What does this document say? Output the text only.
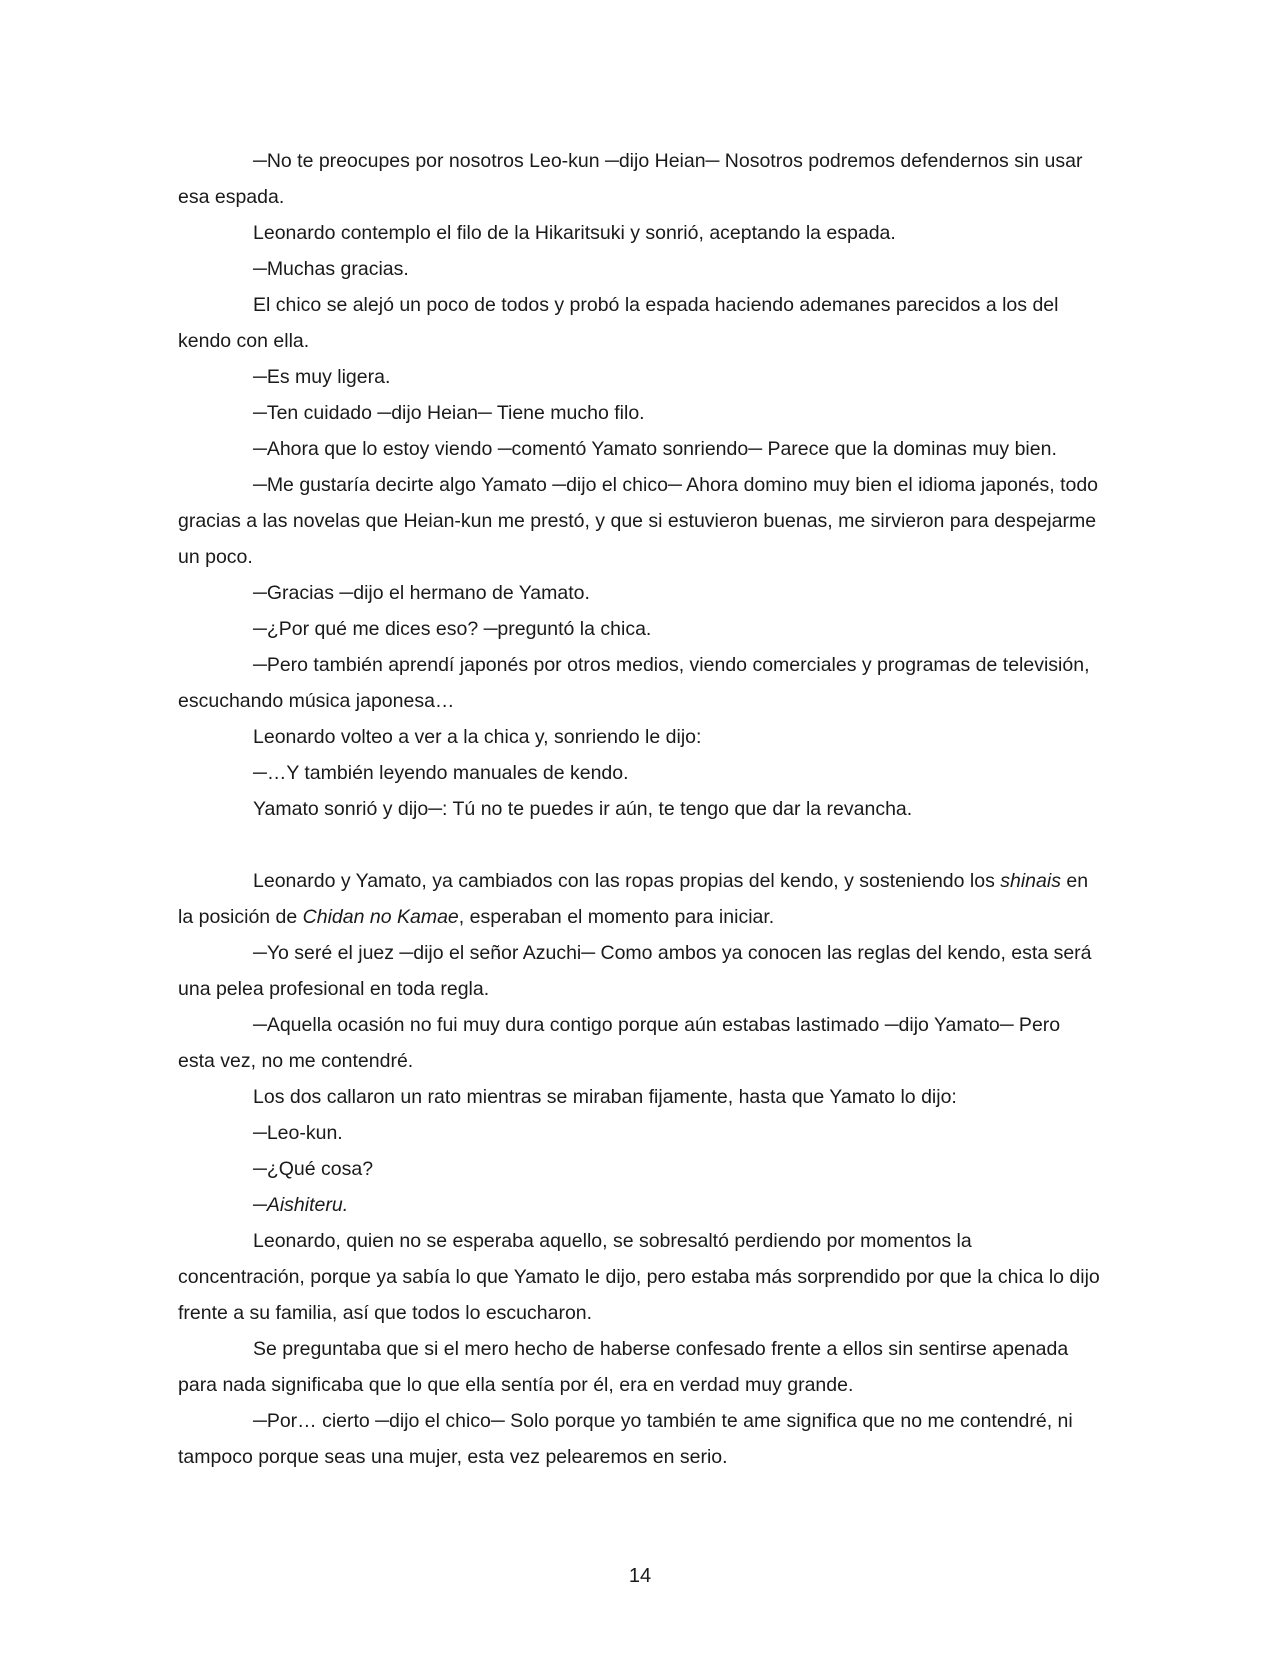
─No te preocupes por nosotros Leo-kun ─dijo Heian─ Nosotros podremos defendernos sin usar esa espada.

Leonardo contemplo el filo de la Hikaritsuki y sonrió, aceptando la espada.

─Muchas gracias.

El chico se alejó un poco de todos y probó la espada haciendo ademanes parecidos a los del kendo con ella.

─Es muy ligera.

─Ten cuidado ─dijo Heian─ Tiene mucho filo.

─Ahora que lo estoy viendo ─comentó Yamato sonriendo─ Parece que la dominas muy bien.

─Me gustaría decirte algo Yamato ─dijo el chico─ Ahora domino muy bien el idioma japonés, todo gracias a las novelas que Heian-kun me prestó, y que si estuvieron buenas, me sirvieron para despejarme un poco.

─Gracias ─dijo el hermano de Yamato.

─¿Por qué me dices eso? ─preguntó la chica.

─Pero también aprendí japonés por otros medios, viendo comerciales y programas de televisión, escuchando música japonesa…

Leonardo volteo a ver a la chica y, sonriendo le dijo:

─…Y también leyendo manuales de kendo.

Yamato sonrió y dijo─: Tú no te puedes ir aún, te tengo que dar la revancha.

Leonardo y Yamato, ya cambiados con las ropas propias del kendo, y sosteniendo los shinais en la posición de Chidan no Kamae, esperaban el momento para iniciar.

─Yo seré el juez ─dijo el señor Azuchi─ Como ambos ya conocen las reglas del kendo, esta será una pelea profesional en toda regla.

─Aquella ocasión no fui muy dura contigo porque aún estabas lastimado ─dijo Yamato─ Pero esta vez, no me contendré.

Los dos callaron un rato mientras se miraban fijamente, hasta que Yamato lo dijo:

─Leo-kun.

─¿Qué cosa?

─Aishiteru.

Leonardo, quien no se esperaba aquello, se sobresaltó perdiendo por momentos la concentración, porque ya sabía lo que Yamato le dijo, pero estaba más sorprendido por que la chica lo dijo frente a su familia, así que todos lo escucharon.

Se preguntaba que si el mero hecho de haberse confesado frente a ellos sin sentirse apenada para nada significaba que lo que ella sentía por él, era en verdad muy grande.

─Por… cierto ─dijo el chico─ Solo porque yo también te ame significa que no me contendré, ni tampoco porque seas una mujer, esta vez pelearemos en serio.

14
